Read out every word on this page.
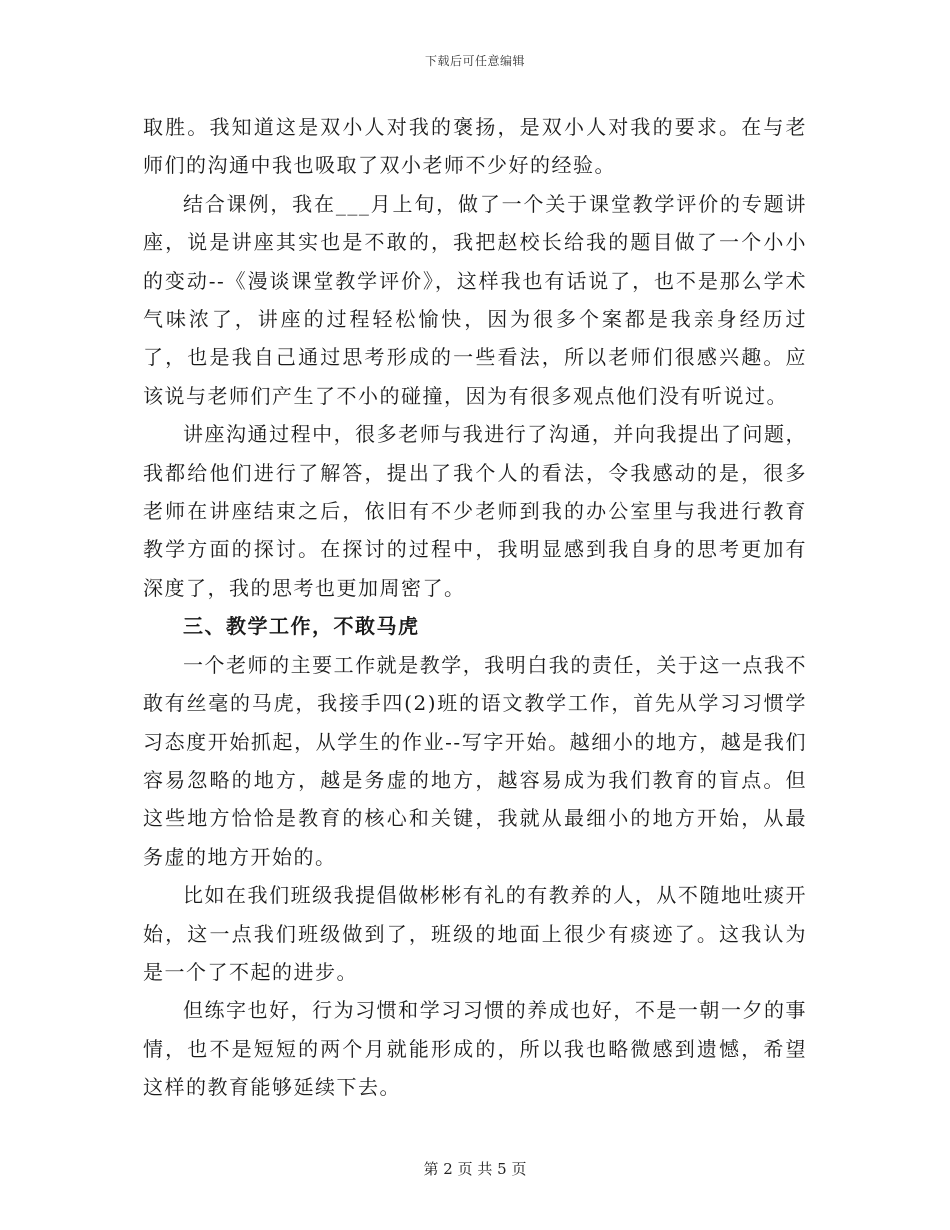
下载后可任意编辑

取胜。我知道这是双小人对我的褒扬，是双小人对我的要求。在与老师们的沟通中我也吸取了双小老师不少好的经验。

结合课例，我在___月上旬，做了一个关于课堂教学评价的专题讲座，说是讲座其实也是不敢的，我把赵校长给我的题目做了一个小小的变动--《漫谈课堂教学评价》，这样我也有话说了，也不是那么学术气味浓了，讲座的过程轻松愉快，因为很多个案都是我亲身经历过了，也是我自己通过思考形成的一些看法，所以老师们很感兴趣。应该说与老师们产生了不小的碰撞，因为有很多观点他们没有听说过。

讲座沟通过程中，很多老师与我进行了沟通，并向我提出了问题，我都给他们进行了解答，提出了我个人的看法，令我感动的是，很多老师在讲座结束之后，依旧有不少老师到我的办公室里与我进行教育教学方面的探讨。在探讨的过程中，我明显感到我自身的思考更加有深度了，我的思考也更加周密了。

三、教学工作，不敢马虎

一个老师的主要工作就是教学，我明白我的责任，关于这一点我不敢有丝毫的马虎，我接手四(2)班的语文教学工作，首先从学习习惯学习态度开始抓起，从学生的作业--写字开始。越细小的地方，越是我们容易忽略的地方，越是务虚的地方，越容易成为我们教育的盲点。但这些地方恰恰是教育的核心和关键，我就从最细小的地方开始，从最务虚的地方开始的。

比如在我们班级我提倡做彬彬有礼的有教养的人，从不随地吐痰开始，这一点我们班级做到了，班级的地面上很少有痰迹了。这我认为是一个了不起的进步。

但练字也好，行为习惯和学习习惯的养成也好，不是一朝一夕的事情，也不是短短的两个月就能形成的，所以我也略微感到遗憾，希望这样的教育能够延续下去。

第 2 页 共 5 页
